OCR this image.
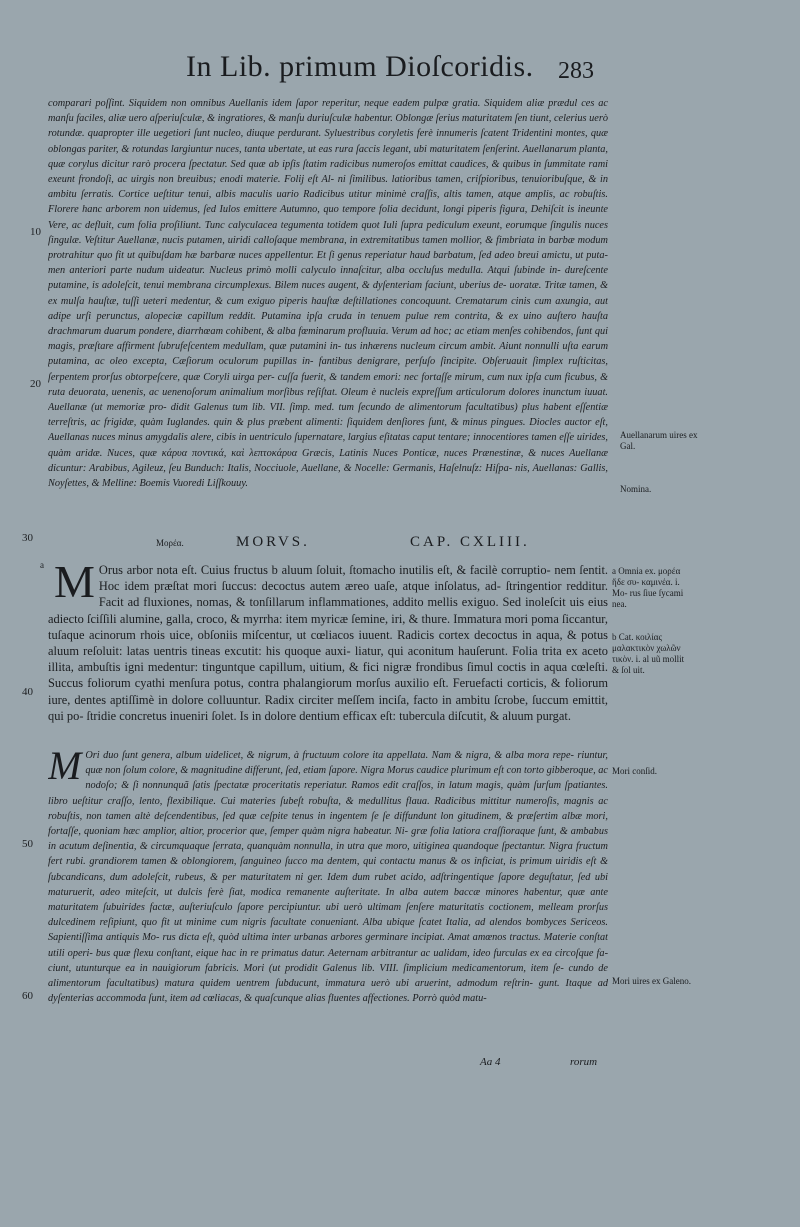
In Lib. primum Dioſcoridis. 283
10
20
30
40
50
60
comparari poſſint. Siquidem non omnibus Auellanis idem ſapor reperitur, neque eadem pulpæ gratia. Siquidem aliæ prædul ces ac manſu faciles, aliæ uero aſperiuſculæ, & ingratiores, & manſu duriuſculæ habentur. Oblongæ ſerius maturitatem ſen tiunt, celerius uerò rotundæ. quapropter ille uegetiori ſunt nucleo, diuque perdurant. Syluestribus coryletis ferè innumeris ſcatent Tridentini montes, quæ oblongas pariter, & rotundas largiuntur nuces, tanta ubertate, ut eas rura ſaccis legant, ubi maturitatem ſenſerint. Auellanarum planta, quæ corylus dicitur rarò procera ſpectatur. Sed quæ ab ipſis ſtatim radicibus numeroſos emittat caudices, & quibus in ſummitate rami exeunt frondoſi, ac uirgis non breuibus; enodi materie. Folij eſt Al- ni ſimilibus. latioribus tamen, criſpioribus, tenuioribuſque, & in ambitu ſerratis. Cortice ueſtitur tenui, albis maculis uario Radicibus utitur minimè craſſis, altis tamen, atque amplis, ac robuſtis. Florere hanc arborem non uidemus, ſed Iulos emittere Autumno, quo tempore folia decidunt, longi piperis figura, Dehiſcit is ineunte Vere, ac defluit, cum folia proſiliunt. Tunc calyculacea tegumenta totidem quot Iuli ſupra pediculum exeunt, eorumque ſingulis nuces ſingulæ. Veſtitur Auellanæ, nucis putamen, uiridi calloſaque membrana, in extremitatibus tamen mollior, & fimbriata in barbæ modum protrahitur quo fit ut quibuſdam hæ barbaræ nuces appellentur. Et ſi genus reperiatur haud barbatum, ſed adeo breui amictu, ut puta- men anteriori parte nudum uideatur. Nucleus primò molli calyculo innaſcitur, alba occluſus medulla. Atqui ſubinde in- dureſcente putamine, is adoleſcit, tenui membrana circumplexus. Bilem nuces augent, & dyſenteriam faciunt, uberius de- uoratæ. Tritæ tamen, & ex mulſa hauſtæ, tuſſi ueteri medentur, & cum exiguo piperis hauſtæ deſtillationes concoquunt. Crematarum cinis cum axungia, aut adipe urſi perunctus, alopeciæ capillum reddit. Putamina ipſa cruda in tenuem pulue rem contrita, & ex uino auſtero hauſta drachmarum duarum pondere, diarrhœam cohibent, & alba fœminarum profluuia. Verum ad hoc; ac etiam menſes cohibendos, ſunt qui magis, præſtare affirment ſubrufeſcentem medullam, quæ putamini in- tus inhærens nucleum circum ambit. Aiunt nonnulli uſta earum putamina, ac oleo excepta, Cæſiorum oculorum pupillas in- fantibus denigrare, perſuſo ſincipite. Obſeruauit ſimplex ruſticitas, ſerpentem prorſus obtorpeſcere, quæ Coryli uirga per- cuſſa fuerit, & tandem emori: nec fortaſſe mirum, cum nux ipſa cum ficubus, & ruta deuorata, uenenis, ac uenenoſorum animalium morſibus reſiſtat. Oleum è nucleis expreſſum articulorum dolores inunctum iuuat. Auellanæ (ut memoriæ pro- didit Galenus tum lib. VII. ſimp. med. tum ſecundo de alimentorum facultatibus) plus habent eſſentiæ terreſtris, ac frigidæ, quàm Iuglandes. quin & plus præbent alimenti: ſiquidem denſiores ſunt, & minus pingues. Diocles auctor eſt, Auellanas nuces minus amygdalis alere, cibis in uentriculo ſupernatare, largius eſitatas caput tentare; innocentiores tamen eſſe uirides, quàm aridæ. Nuces, quæ κάρυα ποντικά, καὶ λεπτοκάρυα Græcis, Latinis Nuces Ponticæ, nuces Prænestinæ, & nuces Auellanæ dicuntur: Arabibus, Agileuz, ſeu Bunduch: Italis, Nocciuole, Auellane, & Nocelle: Germanis, Haſelnuſz: Hiſpa- nis, Auellanas: Gallis, Noyſettes, & Melline: Boemis Vuoredi Liſſkouuy.
Μορέα.	MORVS.	CAP. CXLIII.
a M Orus arbor nota eſt. Cuius fructus b aluum ſoluit, ſtomacho inutilis eſt, & facilè corruptio- nem ſentit. Hoc idem præſtat mori ſuccus: decoctus autem æreo uaſe, atque inſolatus, ad- ſtringentior redditur. Facit ad fluxiones, nomas, & tonſillarum inflammationes, addito mellis exiguo. Sed inoleſcit uis eius adiecto ſciſſili alumine, galla, croco, & myrrha: item myricæ ſemine, iri, & thure. Immatura mori poma ſiccantur, tuſaque acinorum rhois uice, obſoniis miſcentur, ut cœliacos iuuent. Radicis cortex decoctus in aqua, & potus aluum reſoluit: latas uentris tineas excutit: his quoque auxi- liatur, qui aconitum hauſerunt. Folia trita ex aceto illita, ambuſtis igni medentur: tinguntque capillum, uitium, & fici nigræ frondibus ſimul coctis in aqua cœleſti. Succus foliorum cyathi menſura potus, contra phalangiorum morſus auxilio eſt. Feruefacti corticis, & foliorum iure, dentes aptiſſimè in dolore colluuntur. Radix circiter meſſem inciſa, facto in ambitu ſcrobe, ſuccum emittit, qui po- ſtridie concretus inueniri ſolet. Is in dolore dentium efficax eſt: tubercula diſcutit, & aluum purgat.
M Ori duo ſunt genera, album uidelicet, & nigrum, à fructuum colore ita appellata. Nam & nigra, & alba mora repe- riuntur, quæ non ſolum colore, & magnitudine differunt, ſed, etiam ſapore. Nigra Morus caudice plurimum eſt con torto gibberoque, ac nodoſo; & ſi nonnunquã ſatis ſpectatæ proceritatis reperiatur. Ramos edit craſſos, in latum magis, quàm ſurſum ſpatiantes. libro ueſtitur craſſo, lento, flexibilique. Cui materies ſubeſt robuſta, & medullitus flaua. Radicibus mittitur numeroſis, magnis ac robuſtis, non tamen altè deſcendentibus, ſed quæ ceſpite tenus in ingentem ſe ſe diffundunt lon gitudinem, & præſertim albæ mori, fortaſſe, quoniam hæc amplior, altior, procerior que, ſemper quàm nigra habeatur. Ni- græ folia latiora craſſioraque ſunt, & ambabus in acutum deſinentia, & circumquaque ſerrata, quanquàm nonnulla, in utra que moro, uitiginea quandoque ſpectantur. Nigra fructum fert rubi. grandiorem tamen & oblongiorem, ſanguineo ſucco ma dentem, qui contactu manus & os inficiat, is primum uiridis eſt & ſubcandicans, dum adoleſcit, rubeus, & per maturitatem ni ger. Idem dum rubet acido, adſtringentique ſapore deguſtatur, ſed ubi maturuerit, adeo miteſcit, ut dulcis ferè ſiat, modica remanente auſteritate. In alba autem baccæ minores habentur, quæ ante maturitatem ſubuirides factæ, auſteriuſculo ſapore percipiuntur. ubi uerò ultimam ſenſere maturitatis coctionem, melleam prorſus dulcedinem reſipiunt, quo fit ut minime cum nigris facultate conueniant. Alba ubique ſcatet Italia, ad alendos bombyces Sericeos. Sapientiſſima antiquis Mo- rus dicta eſt, quòd ultima inter urbanas arbores germinare incipiat. Amat amœnos tractus. Materie conſtat utili operi- bus quæ flexu conſtant, eique hac in re primatus datur. Aeternam arbitrantur ac ualidam, ideo furculas ex ea circoſque fa- ciunt, utunturque ea in nauigiorum fabricis. Mori (ut prodidit Galenus lib. VIII. ſimplicium medicamentorum, item ſe- cundo de alimentorum facultatibus) matura quidem uentrem ſubducunt, immatura uerò ubi aruerint, admodum reſtrin- gunt. Itaque ad dyſenterias accommoda ſunt, item ad cœliacas, & quaſcunque alias fluentes affectiones. Porrò quòd matu-
Aa 4	rorum
Auellanarum uires ex Gal.
Nomina.
a Omnia ex. μορέα ἥδε συ- καμινέα. i. Mo- rus ſiue ſycami nea.
b Cat. κοιλίας μαλακτικὸν χωλῶν τικὸν. i. al uũ mollit & ſol uit.
Mori conſid.
Mori uires ex Galeno.
